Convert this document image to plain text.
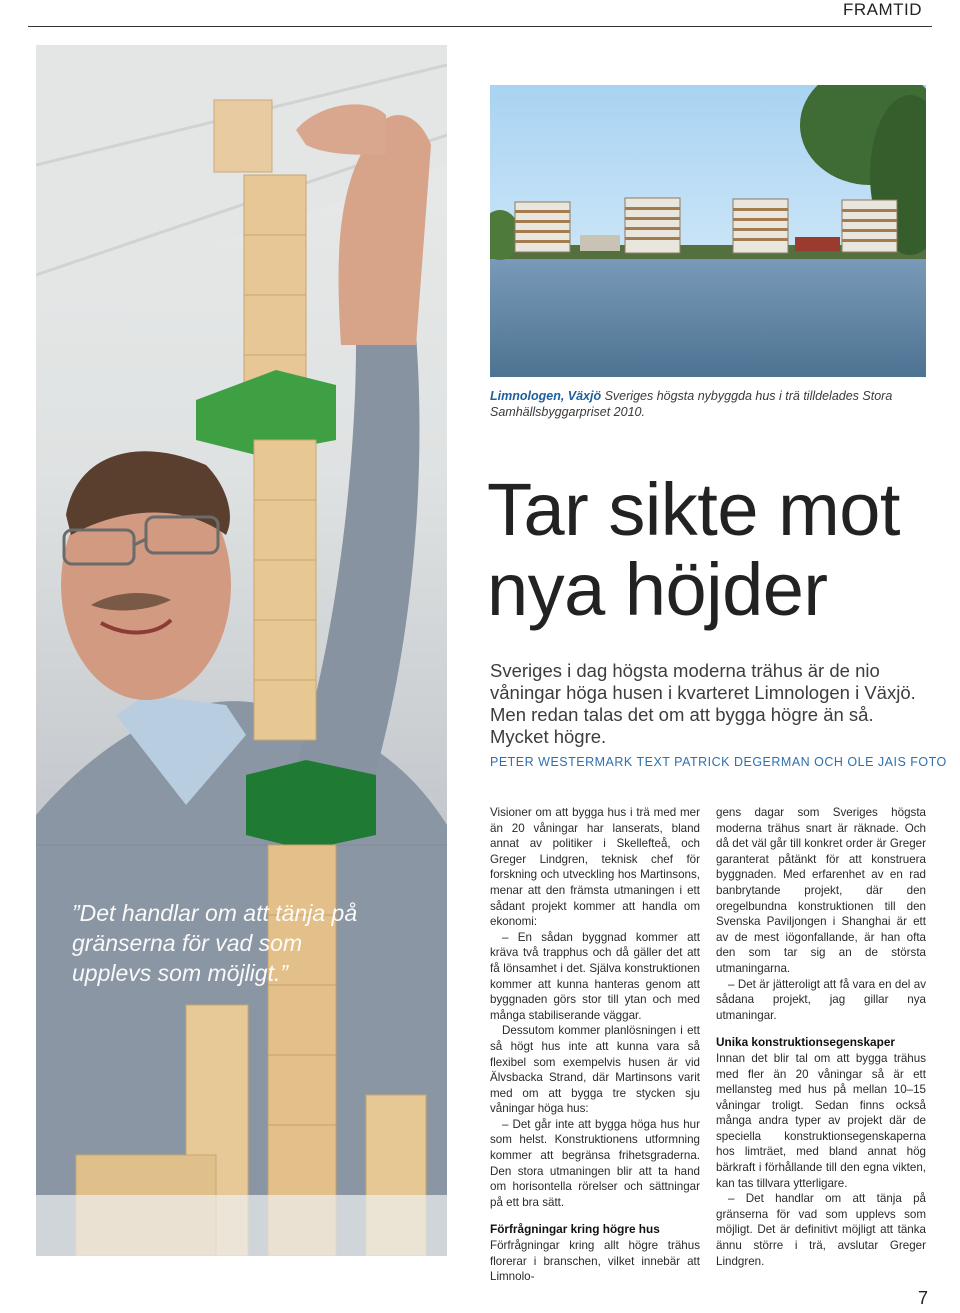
FRAMTID
”Det handlar om att tänja på gränserna för vad som upplevs som möjligt.”
Limnologen, Växjö Sveriges högsta nybyggda hus i trä tilldelades Stora Samhällsbyggarpriset 2010.
Tar sikte mot nya höjder
Sveriges i dag högsta moderna trähus är de nio våningar höga husen i kvarteret Limnologen i Växjö. Men redan talas det om att bygga högre än så. Mycket högre.
PETER WESTERMARK TEXT PATRICK DEGERMAN OCH OLE JAIS FOTO

Visioner om att bygga hus i trä med mer än 20 våningar har lanserats, bland annat av politiker i Skellefteå, och Greger Lindgren, teknisk chef för forskning och utveckling hos Martinsons, menar att den främsta utmaningen i ett sådant projekt kommer att handla om ekonomi:

– En sådan byggnad kommer att kräva två trapphus och då gäller det att få lönsamhet i det. Själva konstruktionen kommer att kunna hanteras genom att byggnaden görs stor till ytan och med många stabiliserande väggar.

Dessutom kommer planlösningen i ett så högt hus inte att kunna vara så flexibel som exempelvis husen är vid Älvsbacka Strand, där Martinsons varit med om att bygga tre stycken sju våningar höga hus:

– Det går inte att bygga höga hus hur som helst. Konstruktionens utformning kommer att begränsa frihetsgraderna. Den stora utmaningen blir att ta hand om horisontella rörelser och sättningar på ett bra sätt.

Förfrågningar kring högre hus

Förfrågningar kring allt högre trähus florerar i branschen, vilket innebär att Limnolo-

gens dagar som Sveriges högsta moderna trähus snart är räknade. Och då det väl går till konkret order är Greger garanterat påtänkt för att konstruera byggnaden. Med erfarenhet av en rad banbrytande projekt, där den oregelbundna konstruktionen till den Svenska Paviljongen i Shanghai är ett av de mest iögonfallande, är han ofta den som tar sig an de största utmaningarna.

– Det är jätteroligt att få vara en del av sådana projekt, jag gillar nya utmaningar.

Unika konstruktionsegenskaper

Innan det blir tal om att bygga trähus med fler än 20 våningar så är ett mellansteg med hus på mellan 10–15 våningar troligt. Sedan finns också många andra typer av projekt där de speciella konstruktionsegenskaperna hos limträet, med bland annat hög bärkraft i förhållande till den egna vikten, kan tas tillvara ytterligare.

– Det handlar om att tänja på gränserna för vad som upplevs som möjligt. Det är definitivt möjligt att tänka ännu större i trä, avslutar Greger Lindgren.

7
